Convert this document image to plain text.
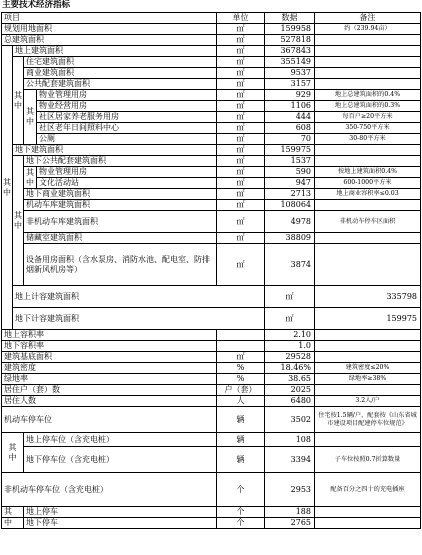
主要技术经济指标
项目				单位	数据	备注	
规划用地面积				㎡	159958	约（239.94亩）	
总建筑面积				㎡	527818		
其
中	地上建筑面积			㎡	367843		
	其
中	住宅建筑面积		㎡	355149		
		商业建筑面积		㎡	9537		
		公共配套建筑面积		㎡	3157		
		其
中	物业管理用房	㎡	929	地上总建筑面积的0.4%	
			物业经营用房	㎡	1106	地上总建筑面积的0.3%	
			社区居家养老服务用房	㎡	444	每百户≥20平方米	
			社区老年日间照料中心	㎡	608	350-750平方米	
			公厕	㎡	70	30-80平方米	
	地下建筑面积			㎡	159975		
	其
中	地下公共配套建筑面积		㎡	1537		
		其
中	物业管理用房	㎡	590	按地上建筑面积0.4%	
			文化活动站	㎡	947	600-1000平方米	
		地下商业建筑面积		㎡	2713	地上商业容积率≤0.03	
		机动车库建筑面积		㎡	108064		
		非机动车库建筑面积		㎡	4978	非机动车停车区面积	
		储藏室建筑面积		㎡	38809		
		设备用房面积（含水泵房、消防水池、配电室、防排烟新风机房等）		㎡	3874		
	地上计容建筑面积				㎡	335798	
	地下计容建筑面积				㎡	159975	
地上容积率					2.10		
地下容积率					1.0		
建筑基底面积				㎡	29528		
建筑密度				%	18.46%	建筑密度≤20%	
绿地率				%	38.65	绿地率≥38%	
居住户（套）数				户（套）	2025		
居住人数				人	6480	3.2人/户	
机动车停车位				辆	3502	住宅按1.5辆/户，配套按《山东省城市建设项目配建停车位规范》	
其
中		地上停车位（含充电桩）		辆	108		
		地下停车位（含充电桩）		辆	3394	子车位按照0.7折算数量	
非机动车停车位（含充电桩）				个	2953	配备百分之四十的充电插座	
其		地上停车		个	188		
中		地下停车		个	2765		
